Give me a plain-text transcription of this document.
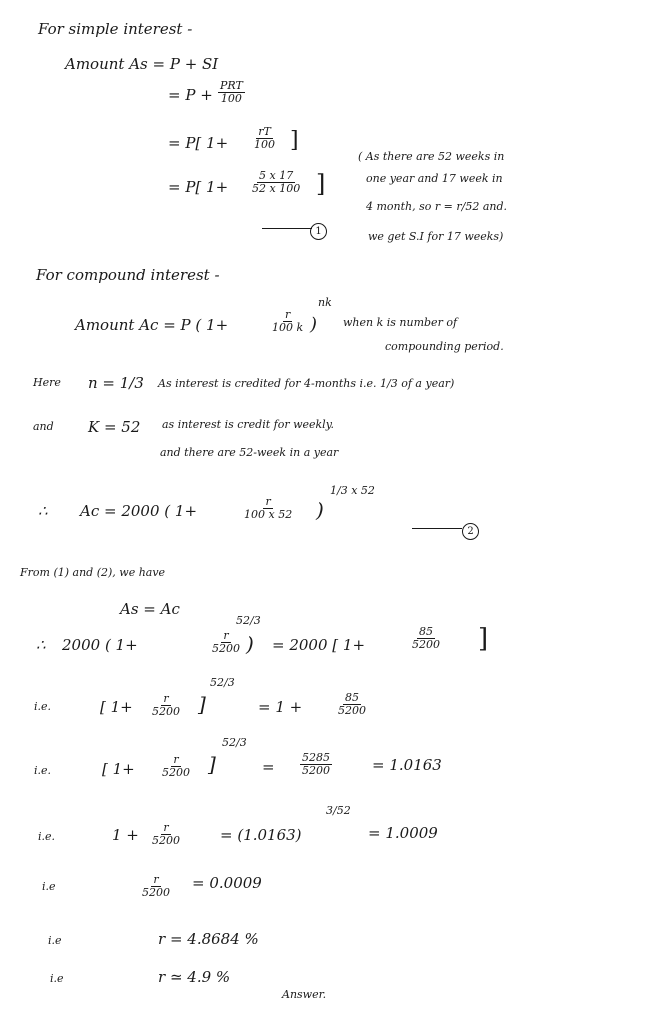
For simple interest -
Amount As = P + SI
= P +
PRT
100
= P[ $1+ \frac{rT}{100}$ ]
= P[ $1+ \frac{5 x 17}{52 x 100}$ ]
1
( As there are 52 weeks in
one year and 17 week in
4 month, so r = r/52 and.
we get S.I for 17 weeks)
For compound interest -
Amount Ac = P ( 1+	$\frac{r}{100 k}$ )
nk
when k is number of
compounding period.
Here n = 1/3 As interest is credited for 4-months i.e. 1/3 of a year)
and K = 52 as interest is credit for weekly.
and there are 52-week in a year
∴ Ac = 2000 ( 1+	$\frac{r}{100 x 52}$ )
1/3 x 52
2
From (1) and (2), we have
As = Ac
∴ 2000 ( 1+	$\frac{r}{5200}$ )
52/3
= 2000 [ 1+	$\frac{85}{5200}$ ]
i.e.	[ $1+ \frac{r}{5200}$ ]
52/3
= 1 +	$\frac{85}{5200}$
i.e.	[ $1+ \frac{r}{5200}$ ]
52/3
= $\frac{5285}{5200}$	= 1.0163
i.e.	$1 + \frac{r}{5200}$	= (1.0163)
3/52
= 1.0009
i.e	$\frac{r}{5200} = 0.0009$
i.e	r = 4.8684 %
i.e	r ≃ 4.9 %
Answer.
